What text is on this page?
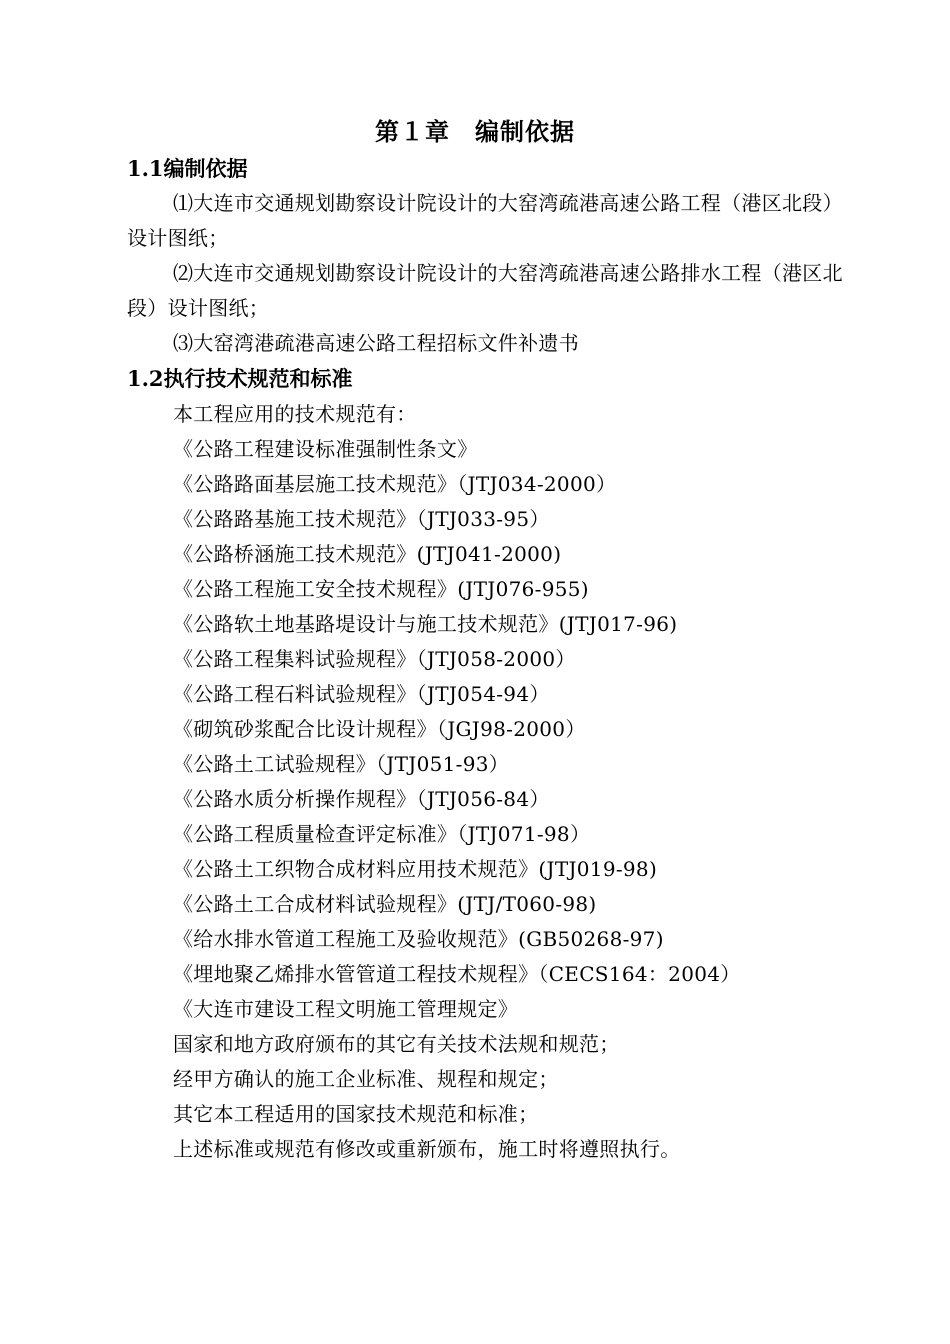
第１章　编制依据
1.1编制依据
⑴大连市交通规划勘察设计院设计的大窑湾疏港高速公路工程（港区北段）设计图纸；
⑵大连市交通规划勘察设计院设计的大窑湾疏港高速公路排水工程（港区北段）设计图纸；
⑶大窑湾港疏港高速公路工程招标文件补遗书
1.2执行技术规范和标准
本工程应用的技术规范有：
《公路工程建设标准强制性条文》
《公路路面基层施工技术规范》（JTJ034-2000）
《公路路基施工技术规范》（JTJ033-95）
《公路桥涵施工技术规范》(JTJ041-2000)
《公路工程施工安全技术规程》(JTJ076-955)
《公路软土地基路堤设计与施工技术规范》(JTJ017-96)
《公路工程集料试验规程》（JTJ058-2000）
《公路工程石料试验规程》（JTJ054-94）
《砌筑砂浆配合比设计规程》（JGJ98-2000）
《公路土工试验规程》（JTJ051-93）
《公路水质分析操作规程》（JTJ056-84）
《公路工程质量检查评定标准》（JTJ071-98）
《公路土工织物合成材料应用技术规范》(JTJ019-98)
《公路土工合成材料试验规程》(JTJ/T060-98)
《给水排水管道工程施工及验收规范》(GB50268-97)
《埋地聚乙烯排水管管道工程技术规程》（CECS164：2004）
《大连市建设工程文明施工管理规定》
国家和地方政府颁布的其它有关技术法规和规范；
经甲方确认的施工企业标准、规程和规定；
其它本工程适用的国家技术规范和标准；
上述标准或规范有修改或重新颁布，施工时将遵照执行。
